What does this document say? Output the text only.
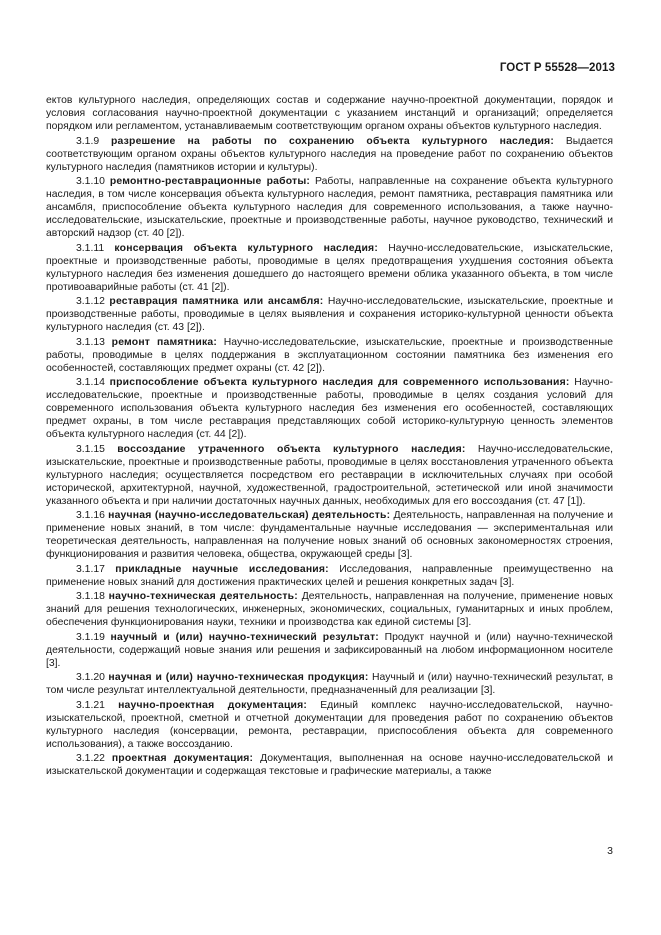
ГОСТ Р 55528—2013

ектов культурного наследия, определяющих состав и содержание научно-проектной документации, порядок и условия согласования научно-проектной документации с указанием инстанций и организаций; определяется порядком или регламентом, устанавливаемым соответствующим органом охраны объектов культурного наследия.

3.1.9 разрешение на работы по сохранению объекта культурного наследия: Выдается соответствующим органом охраны объектов культурного наследия на проведение работ по сохранению объектов культурного наследия (памятников истории и культуры).

3.1.10 ремонтно-реставрационные работы: Работы, направленные на сохранение объекта культурного наследия, в том числе консервация объекта культурного наследия, ремонт памятника, реставрация памятника или ансамбля, приспособление объекта культурного наследия для современного использования, а также научно-исследовательские, изыскательские, проектные и производственные работы, научное руководство, технический и авторский надзор (ст. 40 [2]).

3.1.11 консервация объекта культурного наследия: Научно-исследовательские, изыскательские, проектные и производственные работы, проводимые в целях предотвращения ухудшения состояния объекта культурного наследия без изменения дошедшего до настоящего времени облика указанного объекта, в том числе противоаварийные работы (ст. 41 [2]).

3.1.12 реставрация памятника или ансамбля: Научно-исследовательские, изыскательские, проектные и производственные работы, проводимые в целях выявления и сохранения историко-культурной ценности объекта культурного наследия (ст. 43 [2]).

3.1.13 ремонт памятника: Научно-исследовательские, изыскательские, проектные и производственные работы, проводимые в целях поддержания в эксплуатационном состоянии памятника без изменения его особенностей, составляющих предмет охраны (ст. 42 [2]).

3.1.14 приспособление объекта культурного наследия для современного использования: Научно-исследовательские, проектные и производственные работы, проводимые в целях создания условий для современного использования объекта культурного наследия без изменения его особенностей, составляющих предмет охраны, в том числе реставрация представляющих собой историко-культурную ценность элементов объекта культурного наследия (ст. 44 [2]).

3.1.15 воссоздание утраченного объекта культурного наследия: Научно-исследовательские, изыскательские, проектные и производственные работы, проводимые в целях восстановления утраченного объекта культурного наследия; осуществляется посредством его реставрации в исключительных случаях при особой исторической, архитектурной, научной, художественной, градостроительной, эстетической или иной значимости указанного объекта и при наличии достаточных научных данных, необходимых для его воссоздания (ст. 47 [1]).

3.1.16 научная (научно-исследовательская) деятельность: Деятельность, направленная на получение и применение новых знаний, в том числе: фундаментальные научные исследования — экспериментальная или теоретическая деятельность, направленная на получение новых знаний об основных закономерностях строения, функционирования и развития человека, общества, окружающей среды [3].

3.1.17 прикладные научные исследования: Исследования, направленные преимущественно на применение новых знаний для достижения практических целей и решения конкретных задач [3].

3.1.18 научно-техническая деятельность: Деятельность, направленная на получение, применение новых знаний для решения технологических, инженерных, экономических, социальных, гуманитарных и иных проблем, обеспечения функционирования науки, техники и производства как единой системы [3].

3.1.19 научный и (или) научно-технический результат: Продукт научной и (или) научно-технической деятельности, содержащий новые знания или решения и зафиксированный на любом информационном носителе [3].

3.1.20 научная и (или) научно-техническая продукция: Научный и (или) научно-технический результат, в том числе результат интеллектуальной деятельности, предназначенный для реализации [3].

3.1.21 научно-проектная документация: Единый комплекс научно-исследовательской, научно-изыскательской, проектной, сметной и отчетной документации для проведения работ по сохранению объектов культурного наследия (консервации, ремонта, реставрации, приспособления объекта для современного использования), а также воссозданию.

3.1.22 проектная документация: Документация, выполненная на основе научно-исследовательской и изыскательской документации и содержащая текстовые и графические материалы, а также

3
